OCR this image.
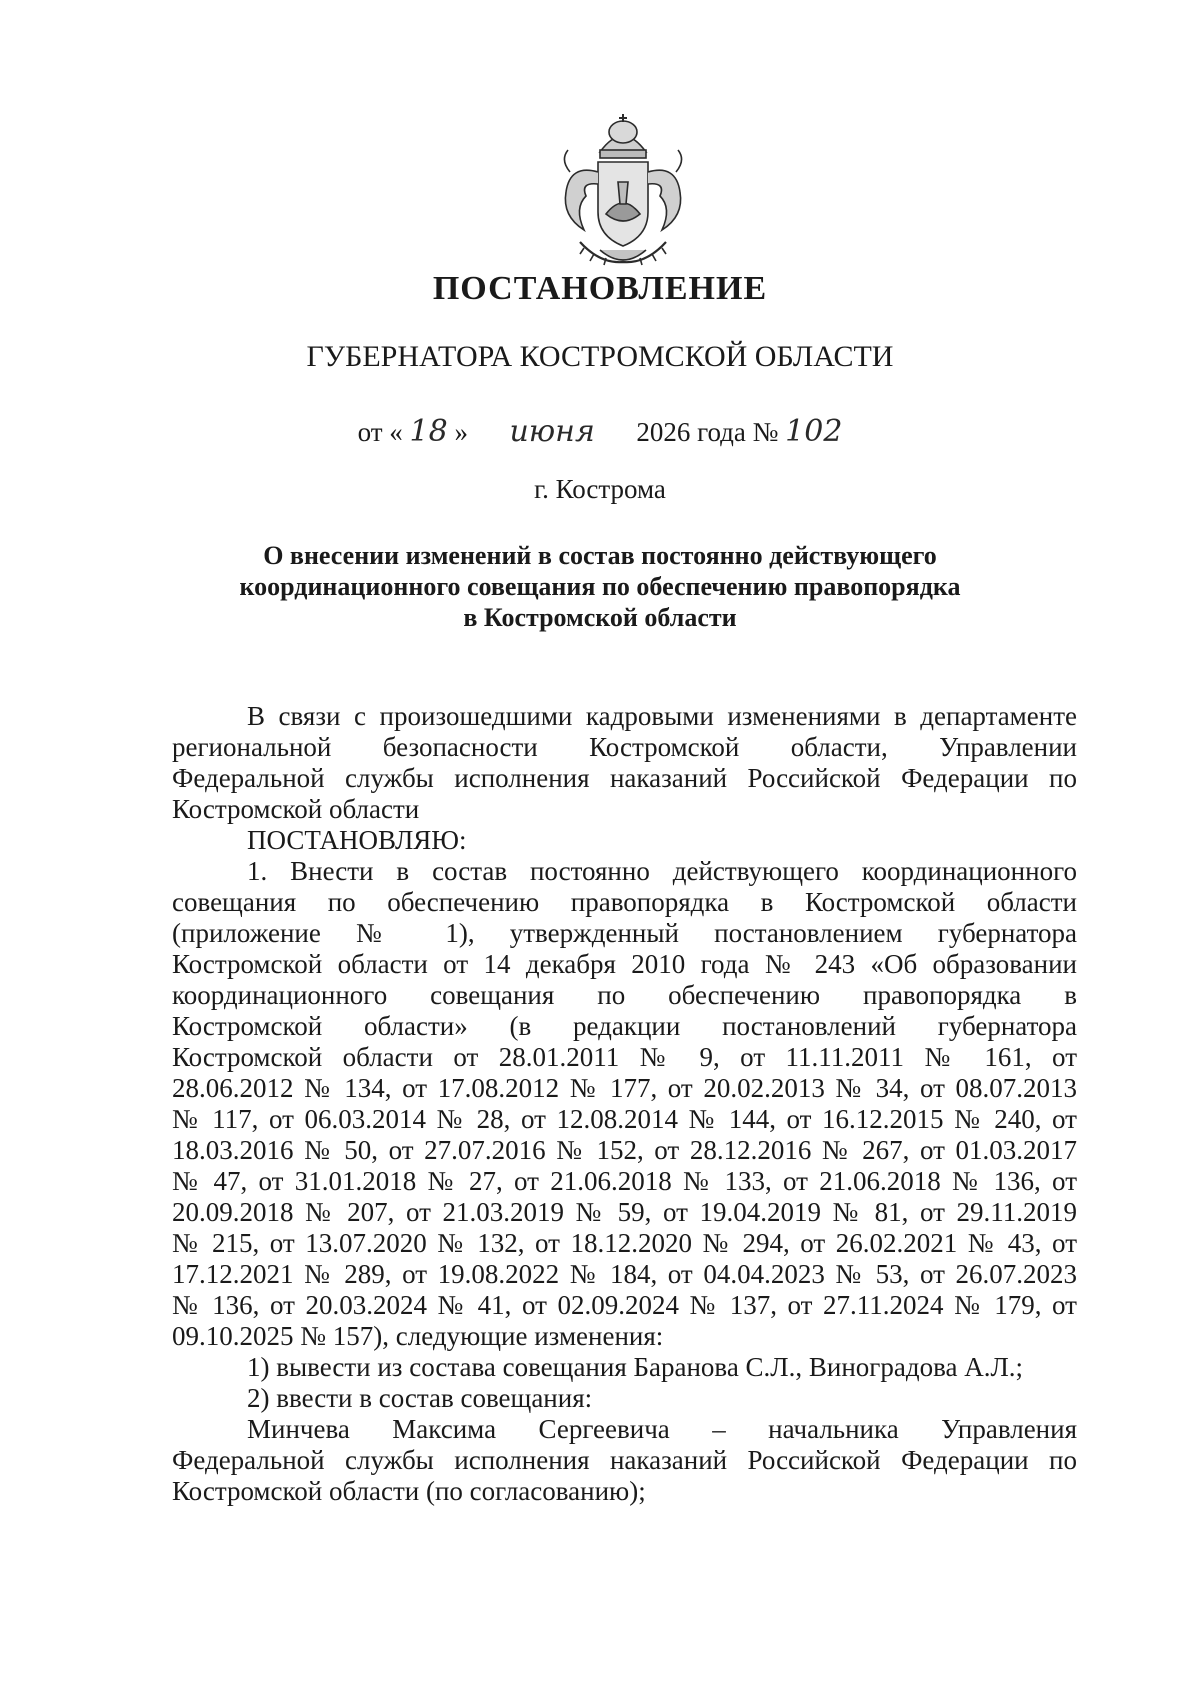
ПОСТАНОВЛЕНИЕ
ГУБЕРНАТОРА КОСТРОМСКОЙ ОБЛАСТИ
от « 18 » июня 2026 года № 102
г. Кострома
О внесении изменений в состав постоянно действующего
координационного совещания по обеспечению правопорядка
в Костромской области
В связи с произошедшими кадровыми изменениями в департаменте
региональной безопасности Костромской области, Управлении
Федеральной службы исполнения наказаний Российской Федерации по
Костромской области
ПОСТАНОВЛЯЮ:
1. Внести в состав постоянно действующего координационного
совещания по обеспечению правопорядка в Костромской области
(приложение № 1), утвержденный постановлением губернатора
Костромской области от 14 декабря 2010 года № 243 «Об образовании
координационного совещания по обеспечению правопорядка в
Костромской области» (в редакции постановлений губернатора
Костромской области от 28.01.2011 № 9, от 11.11.2011 № 161, от
28.06.2012 № 134, от 17.08.2012 № 177, от 20.02.2013 № 34, от 08.07.2013
№ 117, от 06.03.2014 № 28, от 12.08.2014 № 144, от 16.12.2015 № 240, от
18.03.2016 № 50, от 27.07.2016 № 152, от 28.12.2016 № 267, от 01.03.2017
№ 47, от 31.01.2018 № 27, от 21.06.2018 № 133, от 21.06.2018 № 136, от
20.09.2018 № 207, от 21.03.2019 № 59, от 19.04.2019 № 81, от 29.11.2019
№ 215, от 13.07.2020 № 132, от 18.12.2020 № 294, от 26.02.2021 № 43, от
17.12.2021 № 289, от 19.08.2022 № 184, от 04.04.2023 № 53, от 26.07.2023
№ 136, от 20.03.2024 № 41, от 02.09.2024 № 137, от 27.11.2024 № 179, от
09.10.2025 № 157), следующие изменения:
1) вывести из состава совещания Баранова С.Л., Виноградова А.Л.;
2) ввести в состав совещания:
Минчева Максима Сергеевича – начальника Управления
Федеральной службы исполнения наказаний Российской Федерации по
Костромской области (по согласованию);
